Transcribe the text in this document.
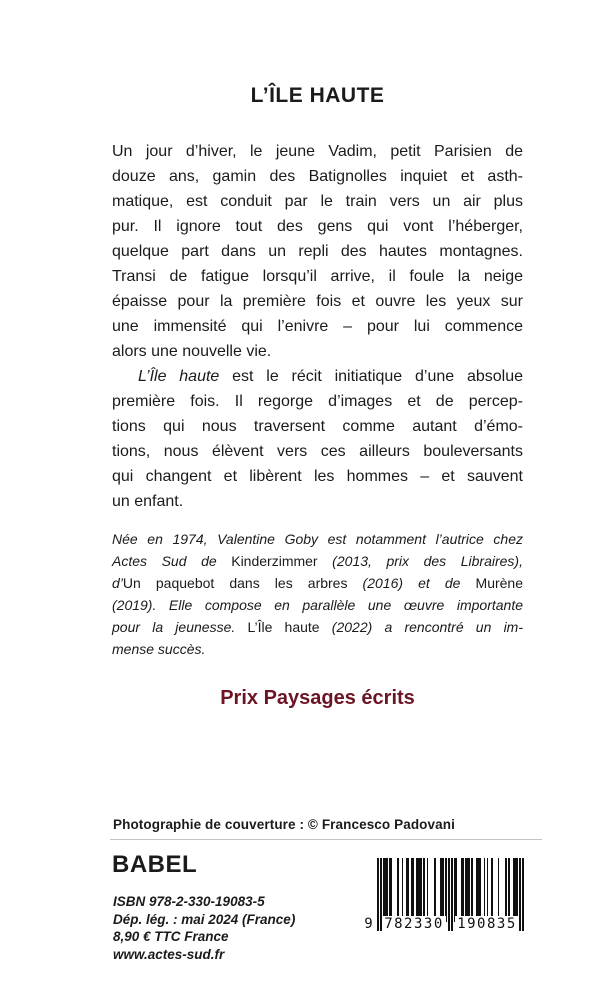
L’ÎLE HAUTE
Un jour d’hiver, le jeune Vadim, petit Parisien de
douze ans, gamin des Batignolles inquiet et asth-
matique, est conduit par le train vers un air plus
pur. Il ignore tout des gens qui vont l’héberger,
quelque part dans un repli des hautes montagnes.
Transi de fatigue lorsqu’il arrive, il foule la neige
épaisse pour la première fois et ouvre les yeux sur
une immensité qui l’enivre – pour lui commence
alors une nouvelle vie.
L’Île haute est le récit initiatique d’une absolue
première fois. Il regorge d’images et de percep-
tions qui nous traversent comme autant d’émo-
tions, nous élèvent vers ces ailleurs bouleversants
qui changent et libèrent les hommes – et sauvent
un enfant.
Née en 1974, Valentine Goby est notamment l’autrice chez
Actes Sud de Kinderzimmer (2013, prix des Libraires),
d’Un paquebot dans les arbres (2016) et de Murène
(2019). Elle compose en parallèle une œuvre importante
pour la jeunesse. L’Île haute (2022) a rencontré un im-
mense succès.
Prix Paysages écrits
Photographie de couverture : © Francesco Padovani
BABEL
ISBN 978-2-330-19083-5
Dép. lég. : mai 2024 (France)
8,90 € TTC France
www.actes-sud.fr
9 782330 190835
